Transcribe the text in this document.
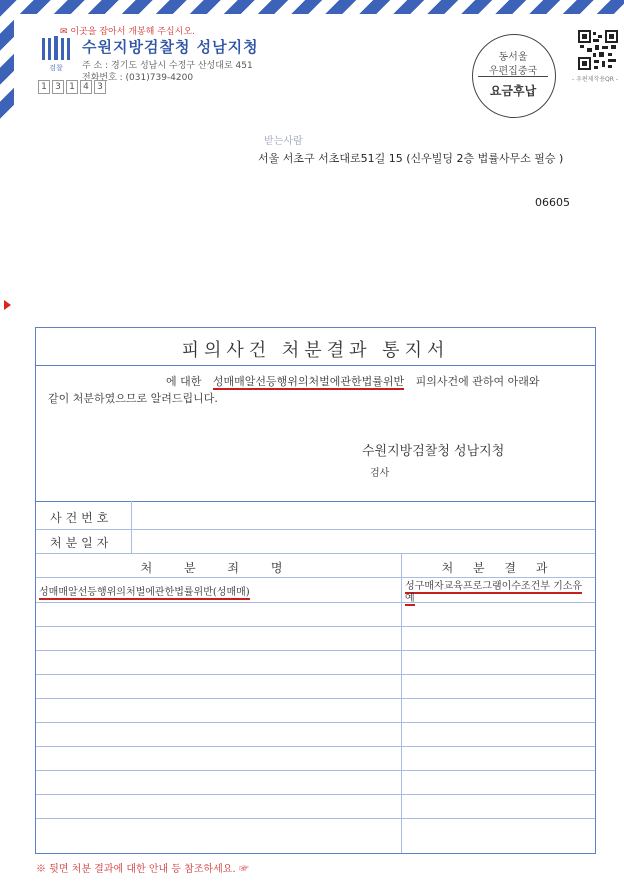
✉ 이곳을 잡아서 개봉해 주십시오.
검찰
수원지방검찰청 성남지청
주 소 : 경기도 성남시 수정구 산성대로 451
전화번호 : (031)739-4200
1 3 1 4 3
동서울
우편집중국
요금후납
- 우편제작용QR -
받는사람
서울 서초구 서초대로51길 15 (신우빌딩 2층 법률사무소 필승 )
06605
피의사건 처분결과 통지서
에 대한 성매매알선등행위의처벌에관한법률위반 피의사건에 관하여 아래와
같이 처분하였으므로 알려드립니다.
수원지방검찰청 성남지청
검사
사건번호
처분일자
처 분 죄 명	처 분 결 과
성매매알선등행위의처벌에관한법률위반(성매매)
성구매자교육프로그램이수조건부 기소유예
※ 뒷면 처분 결과에 대한 안내 등 참조하세요. ☞
